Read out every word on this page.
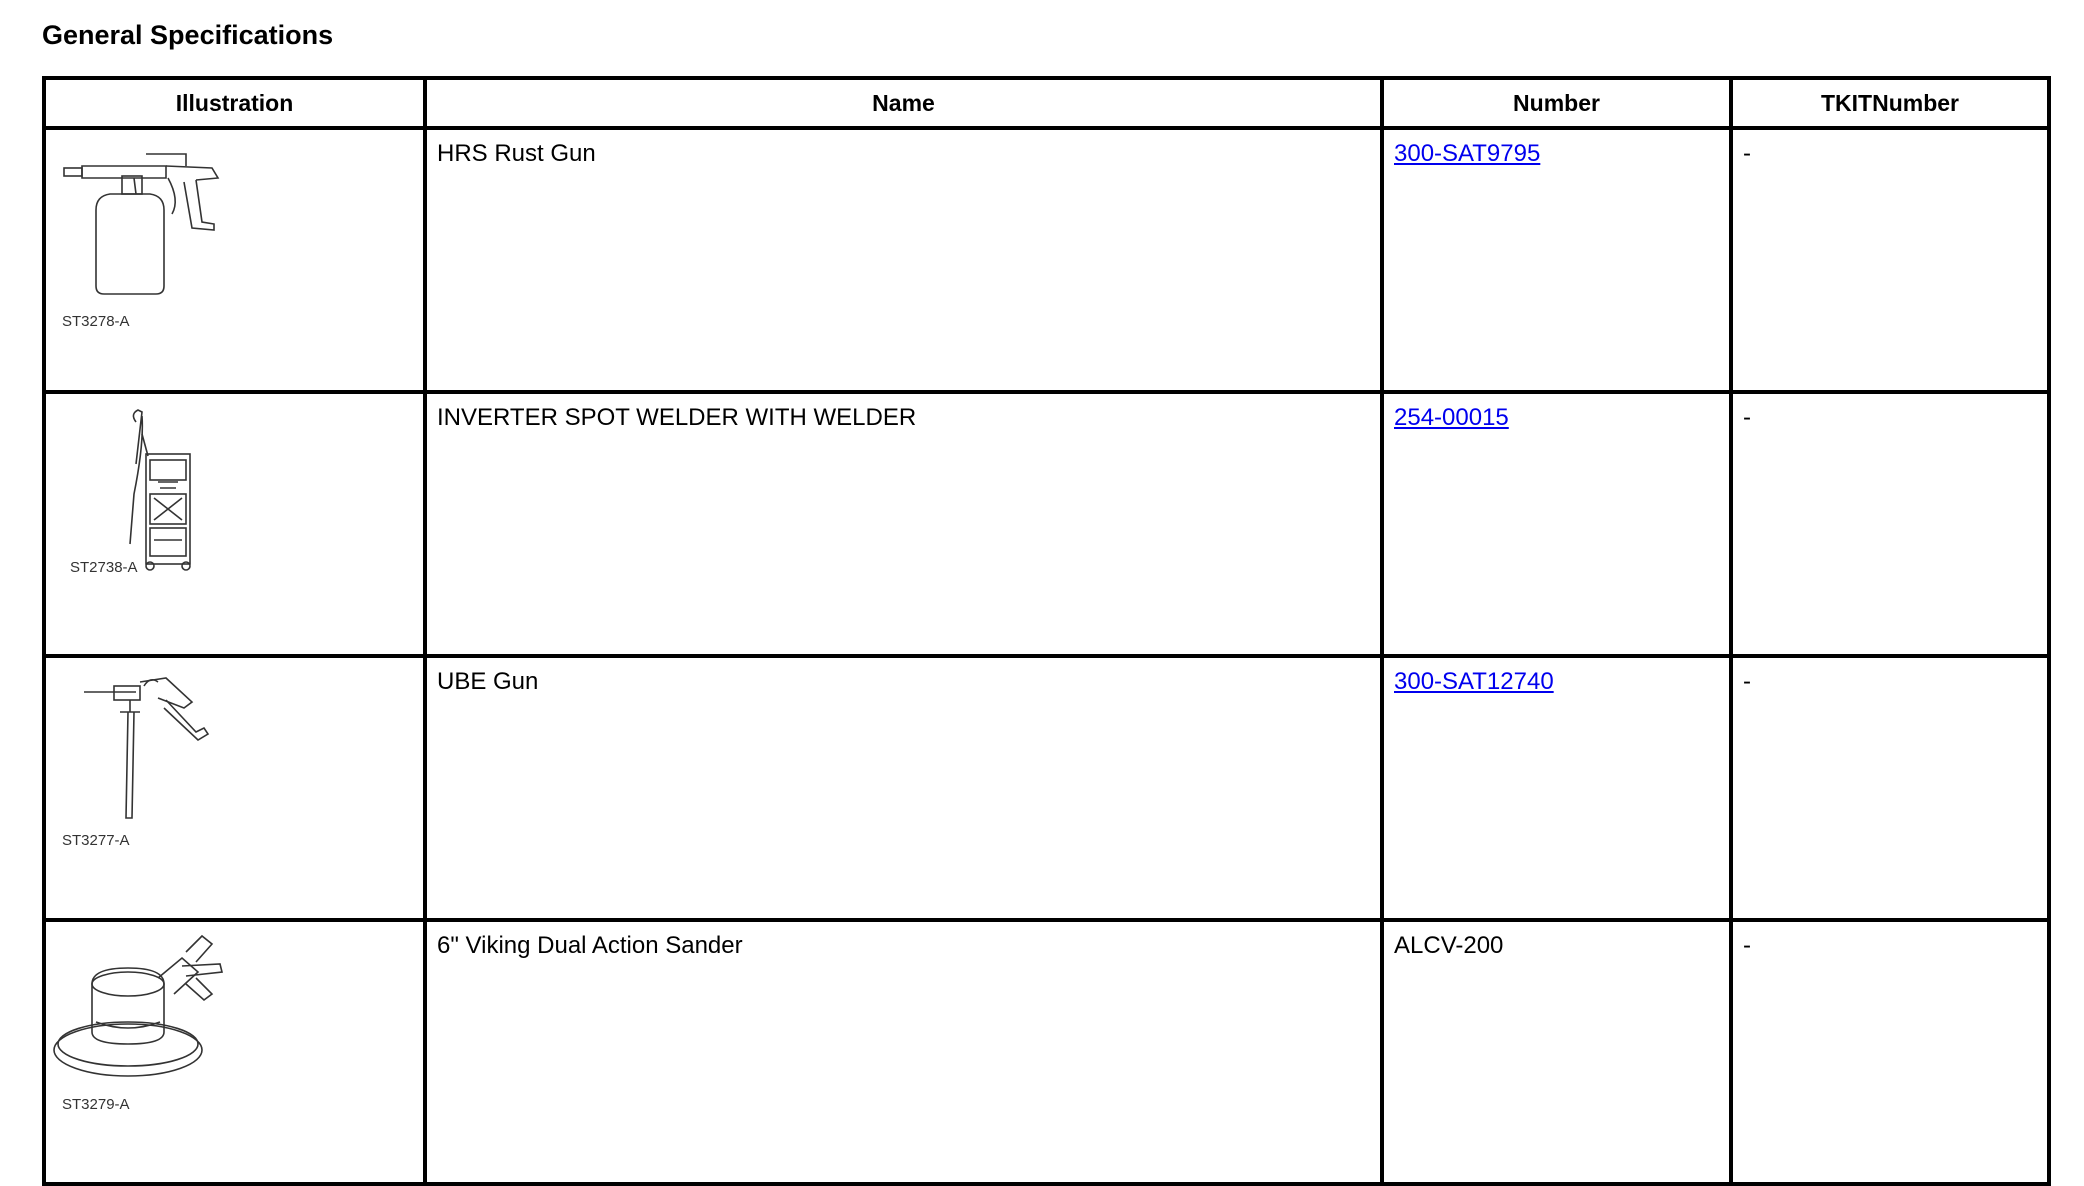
General Specifications
Illustration	Name	Number	TKITNumber

ST3278-A	HRS Rust Gun	300-SAT9795	-

ST2738-A	INVERTER SPOT WELDER WITH WELDER	254-00015	-

ST3277-A	UBE Gun	300-SAT12740	-

ST3279-A	6" Viking Dual Action Sander	ALCV-200	-
